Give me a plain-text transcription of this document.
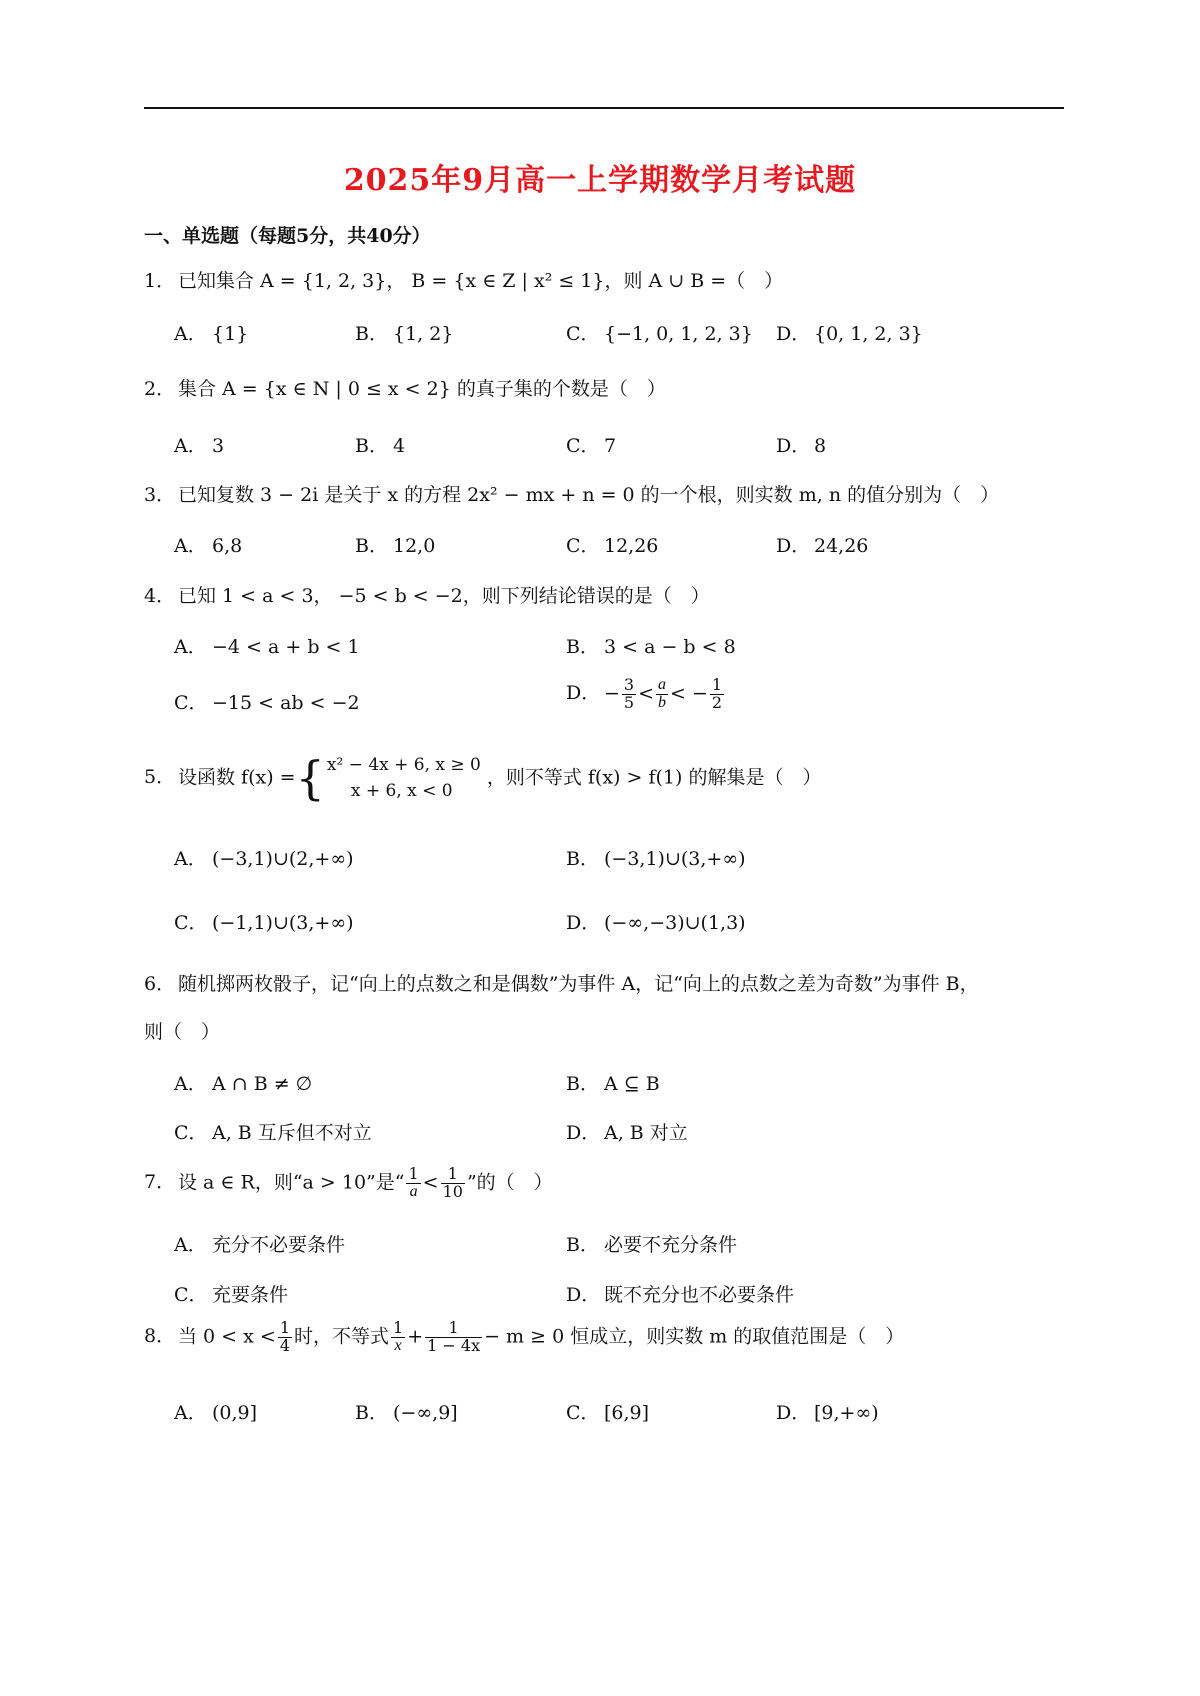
2025年9月高一上学期数学月考试题
一、单选题（每题5分，共40分）
1． 已知集合 A = {1, 2, 3}， B = {x ∈ Z | x² ≤ 1}，则 A ∪ B =（　）
A． {1}	B． {1, 2}	C． {−1, 0, 1, 2, 3} D． {0, 1, 2, 3}
2． 集合 A = {x ∈ N | 0 ≤ x < 2} 的真子集的个数是（　）
A． 3	B． 4	C． 7	D． 8
3． 已知复数 3 − 2i 是关于 x 的方程 2x² − mx + n = 0 的一个根，则实数 m, n 的值分别为（　）
A． 6,8	B． 12,0	C． 12,26	D． 24,26
4． 已知 1 < a < 3， −5 < b < −2，则下列结论错误的是（　）
A． −4 < a + b < 1	B． 3 < a − b < 8
C． −15 < ab < −2	D． − $\frac{3}{5} < \frac{a}{b}$ < − $\frac{1}{2}$
5． 设函数 f(x) ={ x² − 4x + 6, x ≥ 0
x + 6, x < 0
，则不等式 f(x) > f(1) 的解集是（　）
A． (−3,1)∪(2,+∞)	B． (−3,1)∪(3,+∞)
C． (−1,1)∪(3,+∞)	D． (−∞,−3)∪(1,3)
6． 随机掷两枚骰子，记“向上的点数之和是偶数”为事件 A，记“向上的点数之差为奇数”为事件 B，
则（　）
A． A ∩ B ≠ ∅	B． A ⊆ B
C． A, B 互斥但不对立	D． A, B 对立
7． 设 a ∈ R，则“a > 10”是“ $\frac{1}{a} < \frac{1}{10}$ ”的（　）
A． 充分不必要条件	B． 必要不充分条件
C． 充要条件	D． 既不充分也不必要条件
8． 当 $0 < x < \frac{1}{4}$ 时，不等式 $\frac{1}{x} + \frac{1}{1 - 4x} - m \ge 0$ 恒成立，则实数 m 的取值范围是（　）
A． (0,9]	B． (−∞,9]	C． [6,9]	D． [9,+∞)
